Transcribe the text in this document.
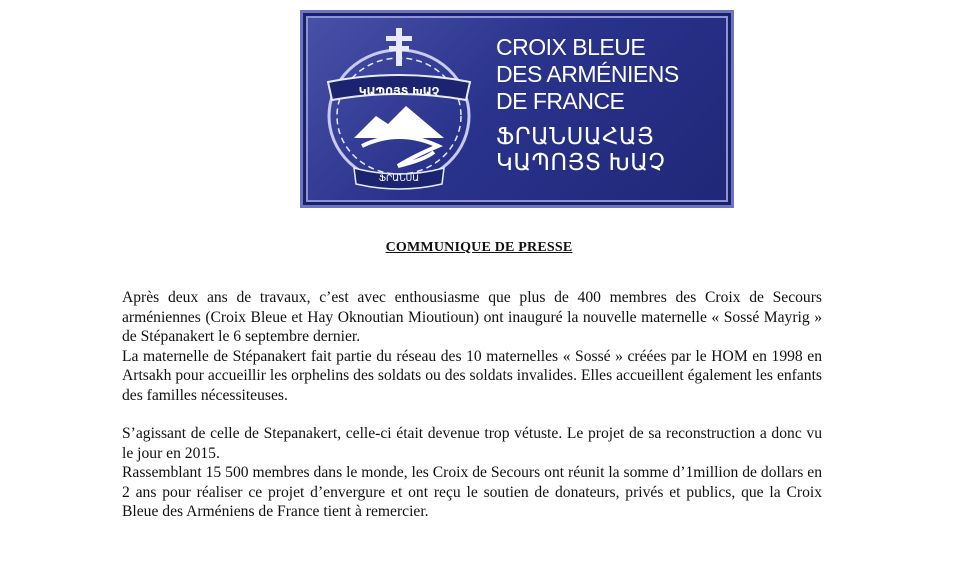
ԿԱՊՈՅՏ ԽԱՉ
ՖՐԱՆՍԱ
CROIX BLEUE
DES ARMÉNIENS
DE FRANCE
ՖՐԱՆՍԱՀԱՅ
ԿԱՊՈՅՏ ԽԱՉ
COMMUNIQUE DE PRESSE

Après deux ans de travaux, c’est avec enthousiasme que plus de 400 membres des Croix de Secours arméniennes (Croix Bleue et Hay Oknoutian Mioutioun) ont inauguré la nouvelle maternelle « Sossé Mayrig » de Stépanakert le 6 septembre dernier.

La maternelle de Stépanakert fait partie du réseau des 10 maternelles « Sossé » créées par le HOM en 1998 en Artsakh pour accueillir les orphelins des soldats ou des soldats invalides. Elles accueillent également les enfants des familles nécessiteuses.

S’agissant de celle de Stepanakert, celle-ci était devenue trop vétuste. Le projet de sa reconstruction a donc vu le jour en 2015.

Rassemblant 15 500 membres dans le monde, les Croix de Secours ont réunit la somme d’1million de dollars en 2 ans pour réaliser ce projet d’envergure et ont reçu le soutien de donateurs, privés et publics, que la Croix Bleue des Arméniens de France tient à remercier.
